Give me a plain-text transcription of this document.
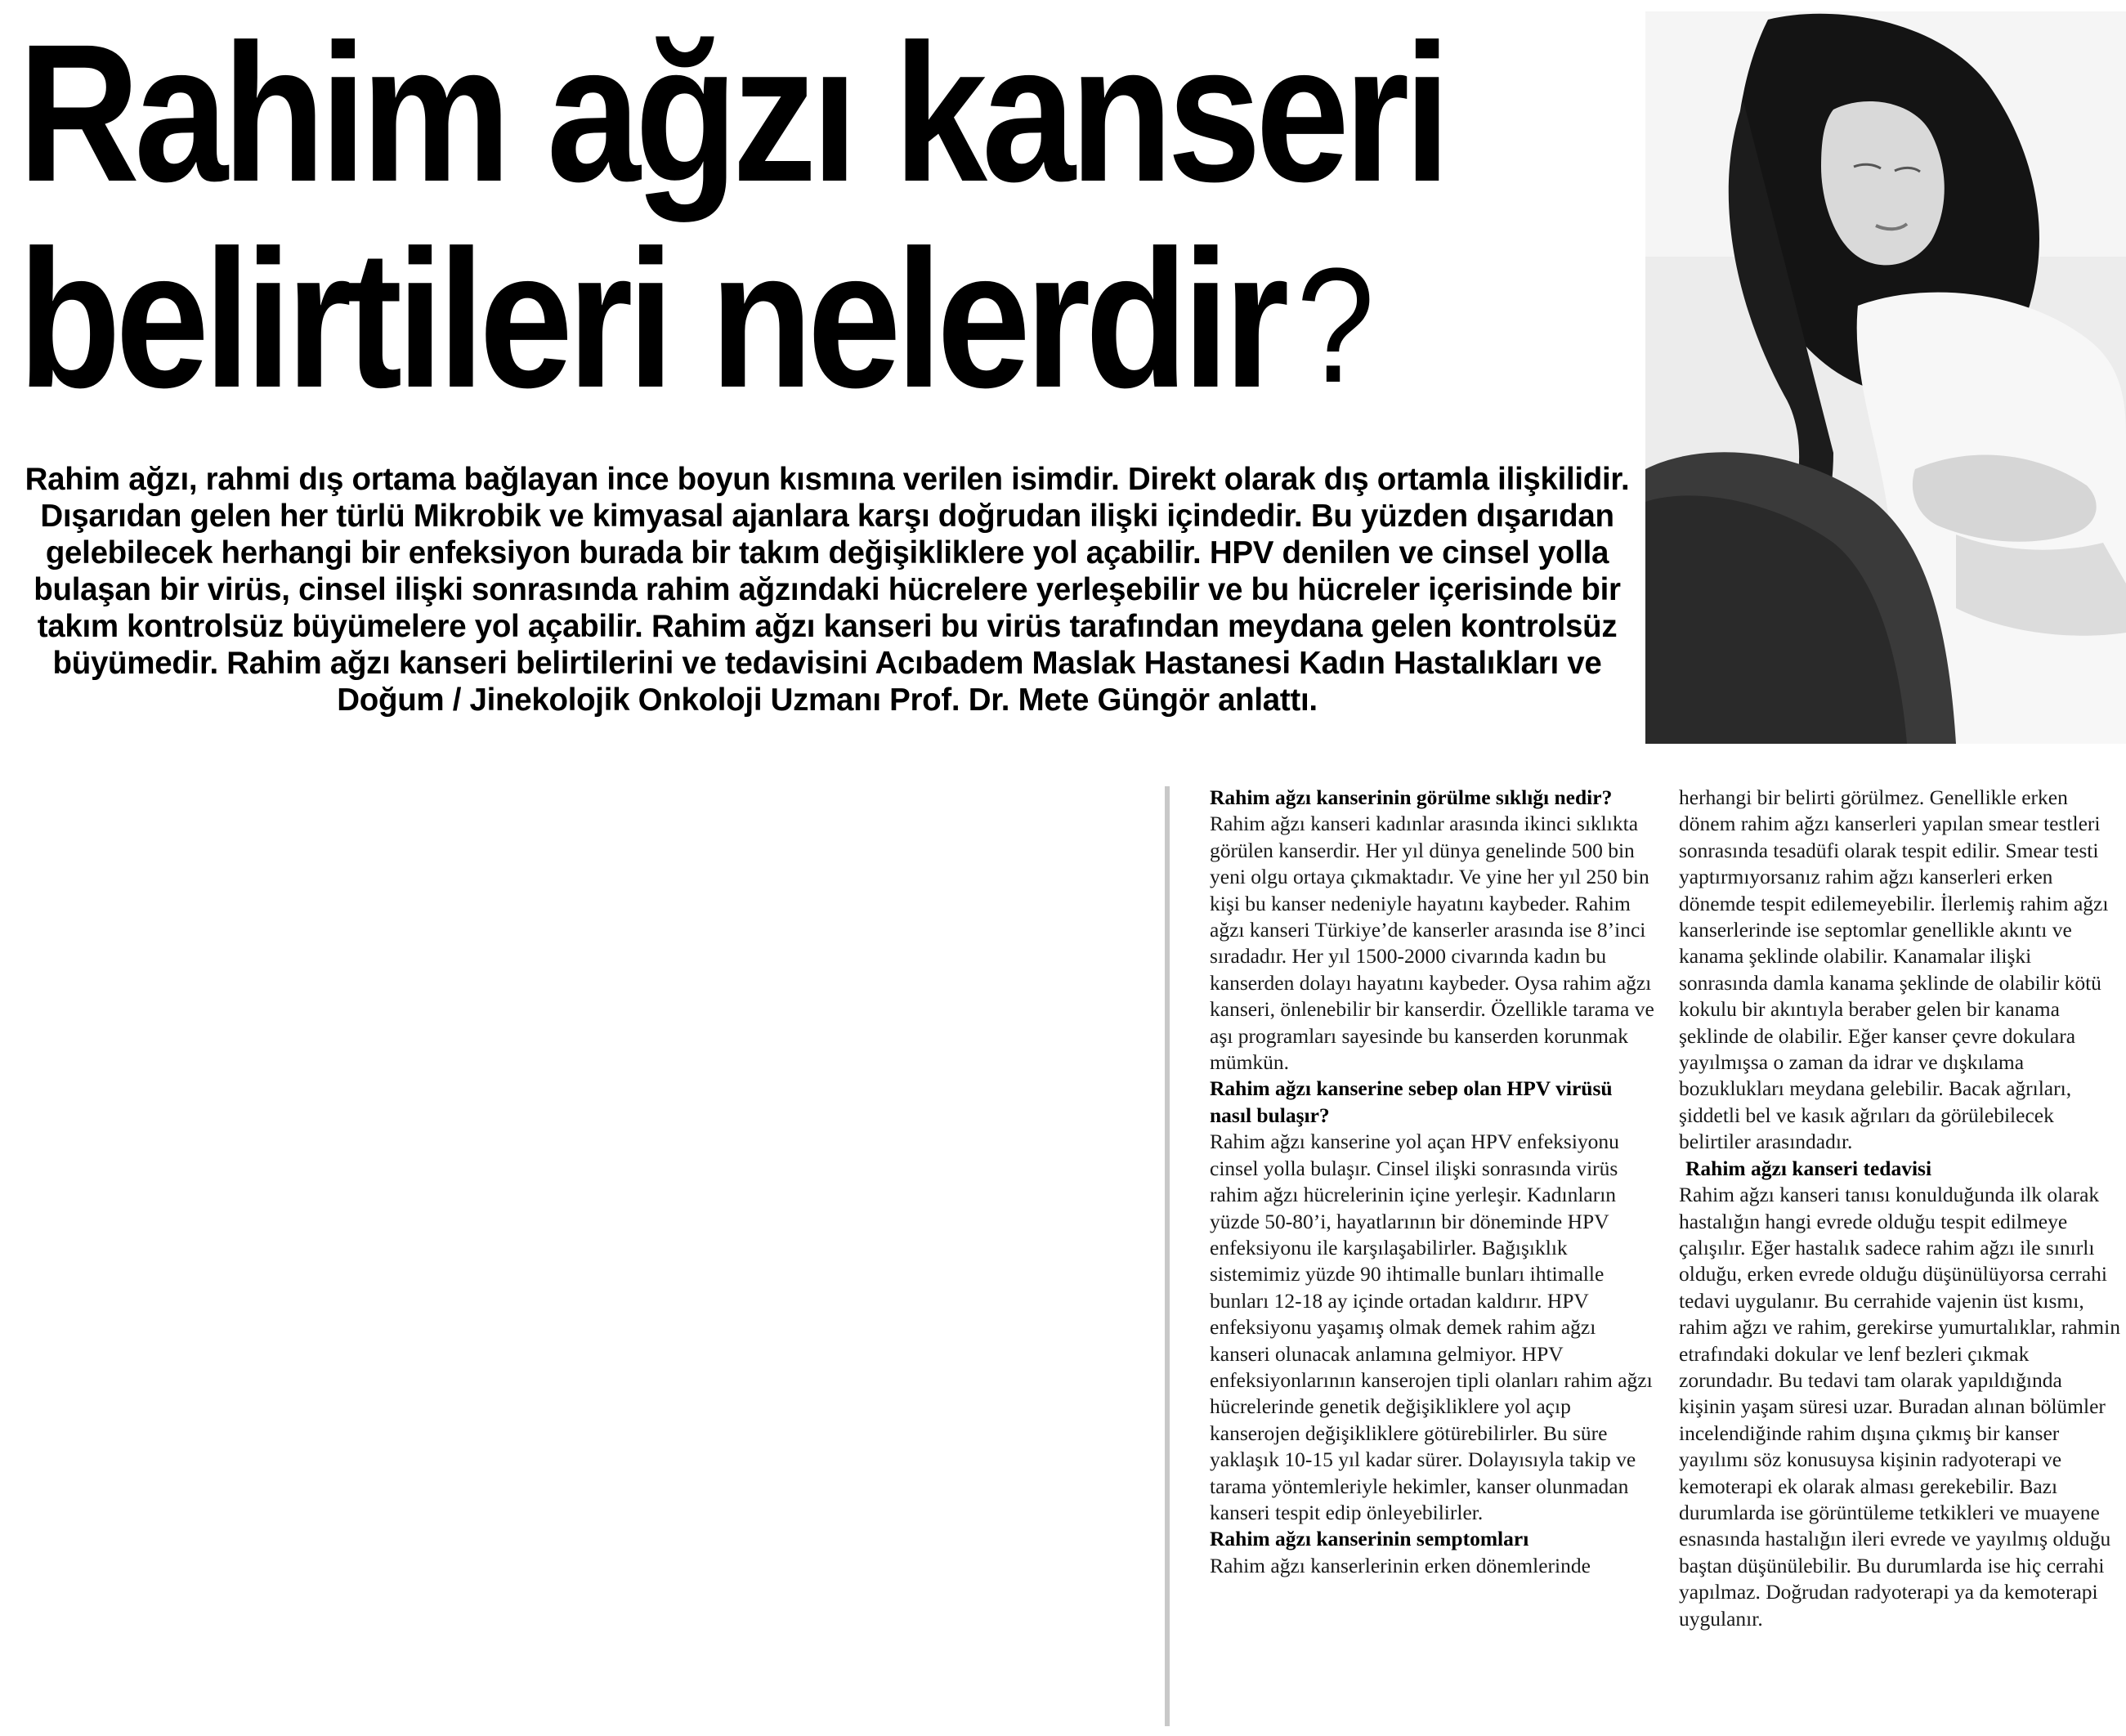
Rahim ağzı kanseri
belirtileri nelerdir?

Rahim ağzı, rahmi dış ortama bağlayan ince boyun kısmına verilen isimdir. Direkt olarak dış ortamla ilişkilidir. Dışarıdan gelen her türlü Mikrobik ve kimyasal ajanlara karşı doğrudan ilişki içindedir. Bu yüzden dışarıdan gelebilecek herhangi bir enfeksiyon burada bir takım değişikliklere yol açabilir. HPV denilen ve cinsel yolla bulaşan bir virüs, cinsel ilişki sonrasında rahim ağzındaki hücrelere yerleşebilir ve bu hücreler içerisinde bir takım kontrolsüz büyümelere yol açabilir. Rahim ağzı kanseri bu virüs tarafından meydana gelen kontrolsüz büyümedir. Rahim ağzı kanseri belirtilerini ve tedavisini Acıbadem Maslak Hastanesi Kadın Hastalıkları ve Doğum / Jinekolojik Onkoloji Uzmanı Prof. Dr. Mete Güngör anlattı.

Rahim ağzı kanserinin görülme sıklığı nedir?

Rahim ağzı kanseri kadınlar arasında ikinci sıklıkta görülen kanserdir. Her yıl dünya genelinde 500 bin yeni olgu ortaya çıkmaktadır. Ve yine her yıl 250 bin kişi bu kanser nedeniyle hayatını kaybeder. Rahim ağzı kanseri Türkiye’de kanserler arasında ise 8’inci sıradadır. Her yıl 1500-2000 civarında kadın bu kanserden dolayı hayatını kaybeder. Oysa rahim ağzı kanseri, önlenebilir bir kanserdir. Özellikle tarama ve aşı programları sayesinde bu kanserden korunmak mümkün.

Rahim ağzı kanserine sebep olan HPV virüsü nasıl bulaşır?

Rahim ağzı kanserine yol açan HPV enfeksiyonu cinsel yolla bulaşır. Cinsel ilişki sonrasında virüs rahim ağzı hücrelerinin içine yerleşir. Kadınların yüzde 50-80’i, hayatlarının bir döneminde HPV enfeksiyonu ile karşılaşabilirler. Bağışıklık sistemimiz yüzde 90 ihtimalle bunları ihtimalle bunları 12-18 ay içinde ortadan kaldırır. HPV enfeksiyonu yaşamış olmak demek rahim ağzı kanseri olunacak anlamına gelmiyor. HPV enfeksiyonlarının kanserojen tipli olanları rahim ağzı hücrelerinde genetik değişikliklere yol açıp kanserojen değişikliklere götürebilirler. Bu süre yaklaşık 10-15 yıl kadar sürer. Dolayısıyla takip ve tarama yöntemleriyle hekimler, kanser olunmadan kanseri tespit edip önleyebilirler.

Rahim ağzı kanserinin semptomları

Rahim ağzı kanserlerinin erken dönemlerinde

herhangi bir belirti görülmez. Genellikle erken dönem rahim ağzı kanserleri yapılan smear testleri sonrasında tesadüfi olarak tespit edilir. Smear testi yaptırmıyorsanız rahim ağzı kanserleri erken dönemde tespit edilemeyebilir. İlerlemiş rahim ağzı kanserlerinde ise septomlar genellikle akıntı ve kanama şeklinde olabilir. Kanamalar ilişki sonrasında damla kanama şeklinde de olabilir kötü kokulu bir akıntıyla beraber gelen bir kanama şeklinde de olabilir. Eğer kanser çevre dokulara yayılmışsa o zaman da idrar ve dışkılama bozuklukları meydana gelebilir. Bacak ağrıları, şiddetli bel ve kasık ağrıları da görülebilecek belirtiler arasındadır.

Rahim ağzı kanseri tedavisi

Rahim ağzı kanseri tanısı konulduğunda ilk olarak hastalığın hangi evrede olduğu tespit edilmeye çalışılır. Eğer hastalık sadece rahim ağzı ile sınırlı olduğu, erken evrede olduğu düşünülüyorsa cerrahi tedavi uygulanır. Bu cerrahide vajenin üst kısmı, rahim ağzı ve rahim, gerekirse yumurtalıklar, rahmin etrafındaki dokular ve lenf bezleri çıkmak zorundadır. Bu tedavi tam olarak yapıldığında kişinin yaşam süresi uzar. Buradan alınan bölümler incelendiğinde rahim dışına çıkmış bir kanser yayılımı söz konusuysa kişinin radyoterapi ve kemoterapi ek olarak alması gerekebilir. Bazı durumlarda ise görüntüleme tetkikleri ve muayene esnasında hastalığın ileri evrede ve yayılmış olduğu baştan düşünülebilir. Bu durumlarda ise hiç cerrahi yapılmaz. Doğrudan radyoterapi ya da kemoterapi uygulanır.
